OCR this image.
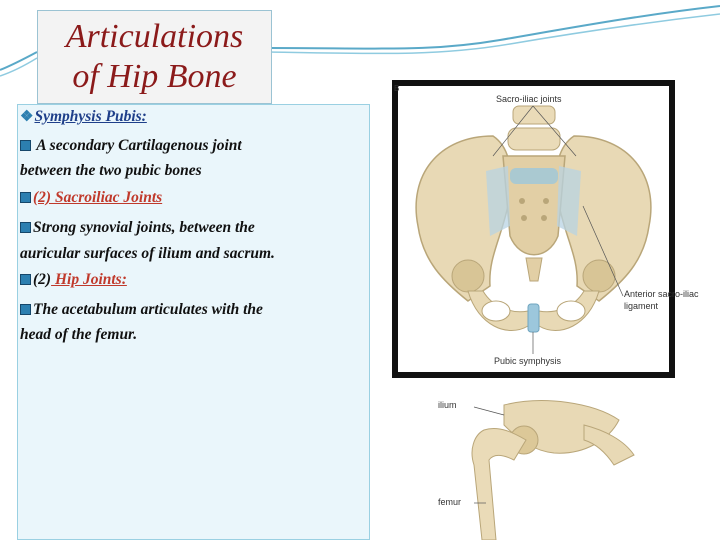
Articulations
of Hip Bone
❖Symphysis Pubis:
A secondary Cartilagenous joint
between the two pubic bones
(2) Sacroiliac Joints
Strong synovial joints, between the
auricular surfaces of ilium and sacrum.
(2) Hip Joints:
The acetabulum articulates with the
head of the femur.
B
Sacro-iliac joints
Anterior sacro-iliac
ligament
Pubic symphysis
ilium
femur
